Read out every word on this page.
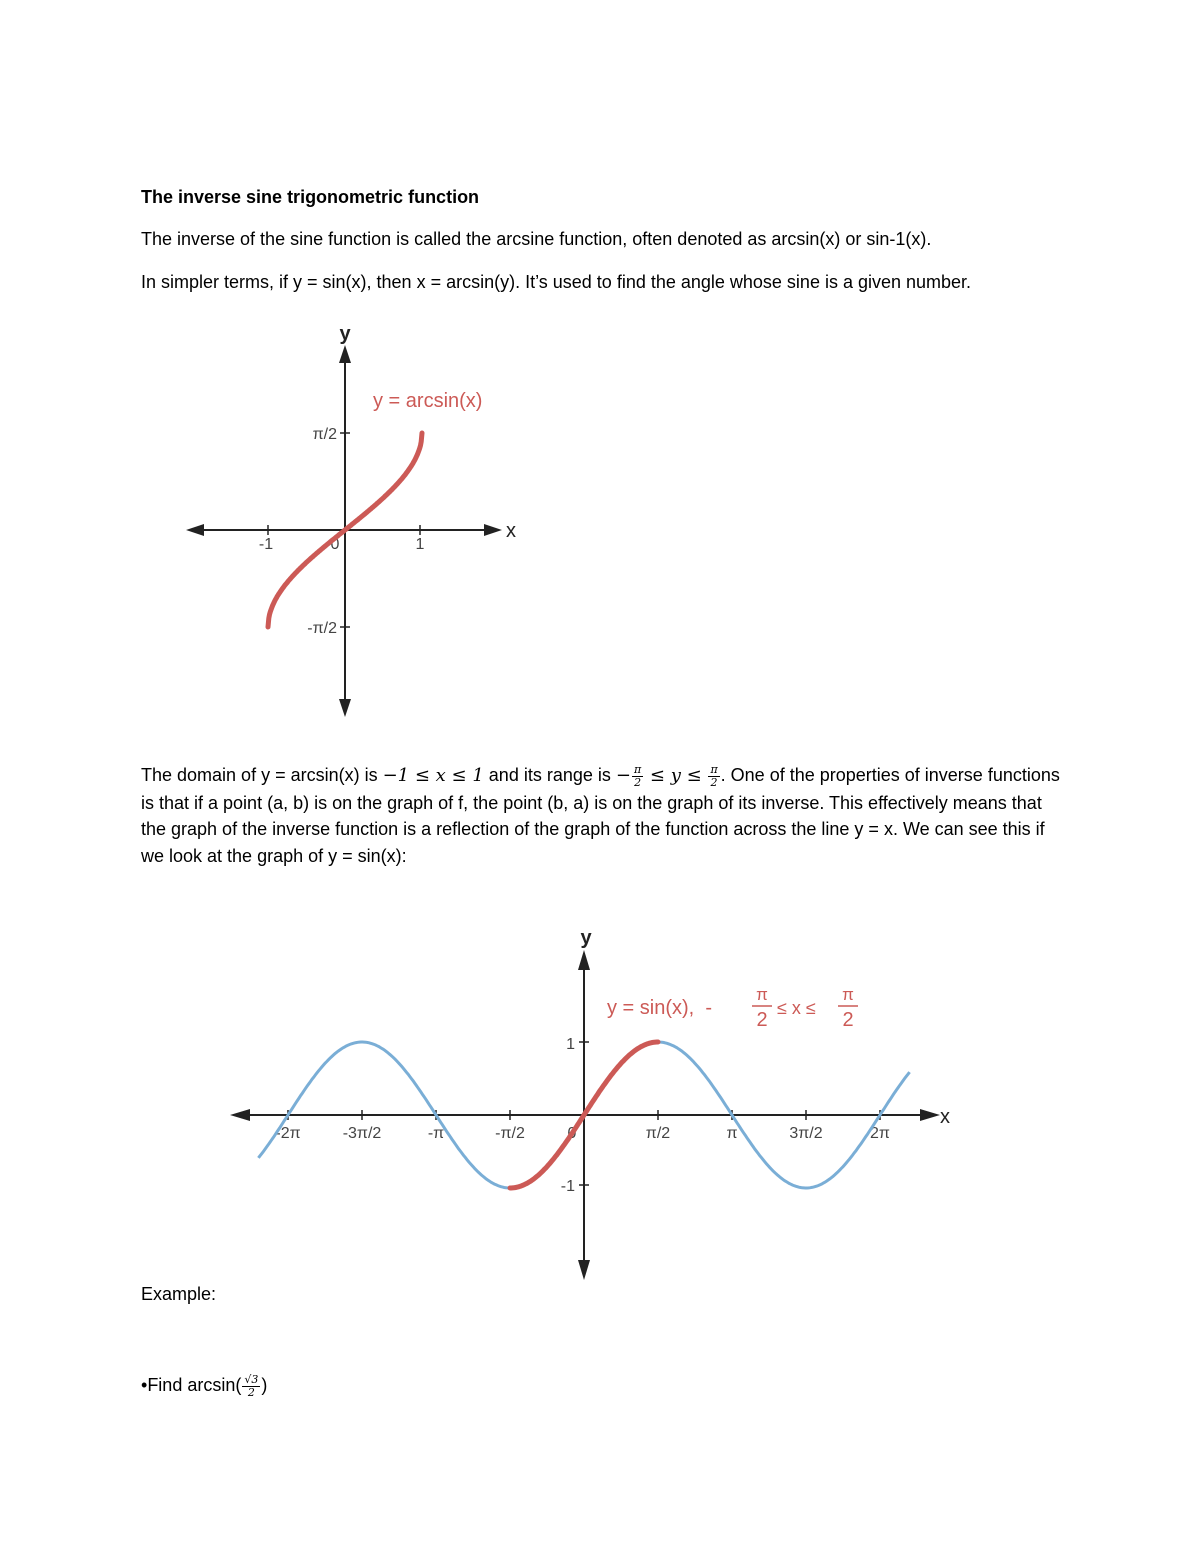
The inverse sine trigonometric function
The inverse of the sine function is called the arcsine function, often denoted as arcsin(x) or sin-1(x).
In simpler terms, if y = sin(x), then x = arcsin(y). It’s used to find the angle whose sine is a given number.
-1	0	1
π/2
-π/2
x
y
y = arcsin(x)
The domain of y = arcsin(x) is −1 ≤ x ≤ 1 and its range is − $\frac{\pi}{2} \le y \le \frac{\pi}{2}$ . One of the properties of inverse functions is that if a point (a, b) is on the graph of f, the point (b, a) is on the graph of its inverse. This effectively means that the graph of the inverse function is a reflection of the graph of the function across the line y = x. We can see this if we look at the graph of y = sin(x):
-2π	-3π/2	-π	-π/2	0	π/2	π	3π/2	2π
1
-1
x
y
y = sin(x),  -
π
2
≤ x ≤
π
2
Example:
•Find $\arcsin( \frac{√3}{2}$ )
